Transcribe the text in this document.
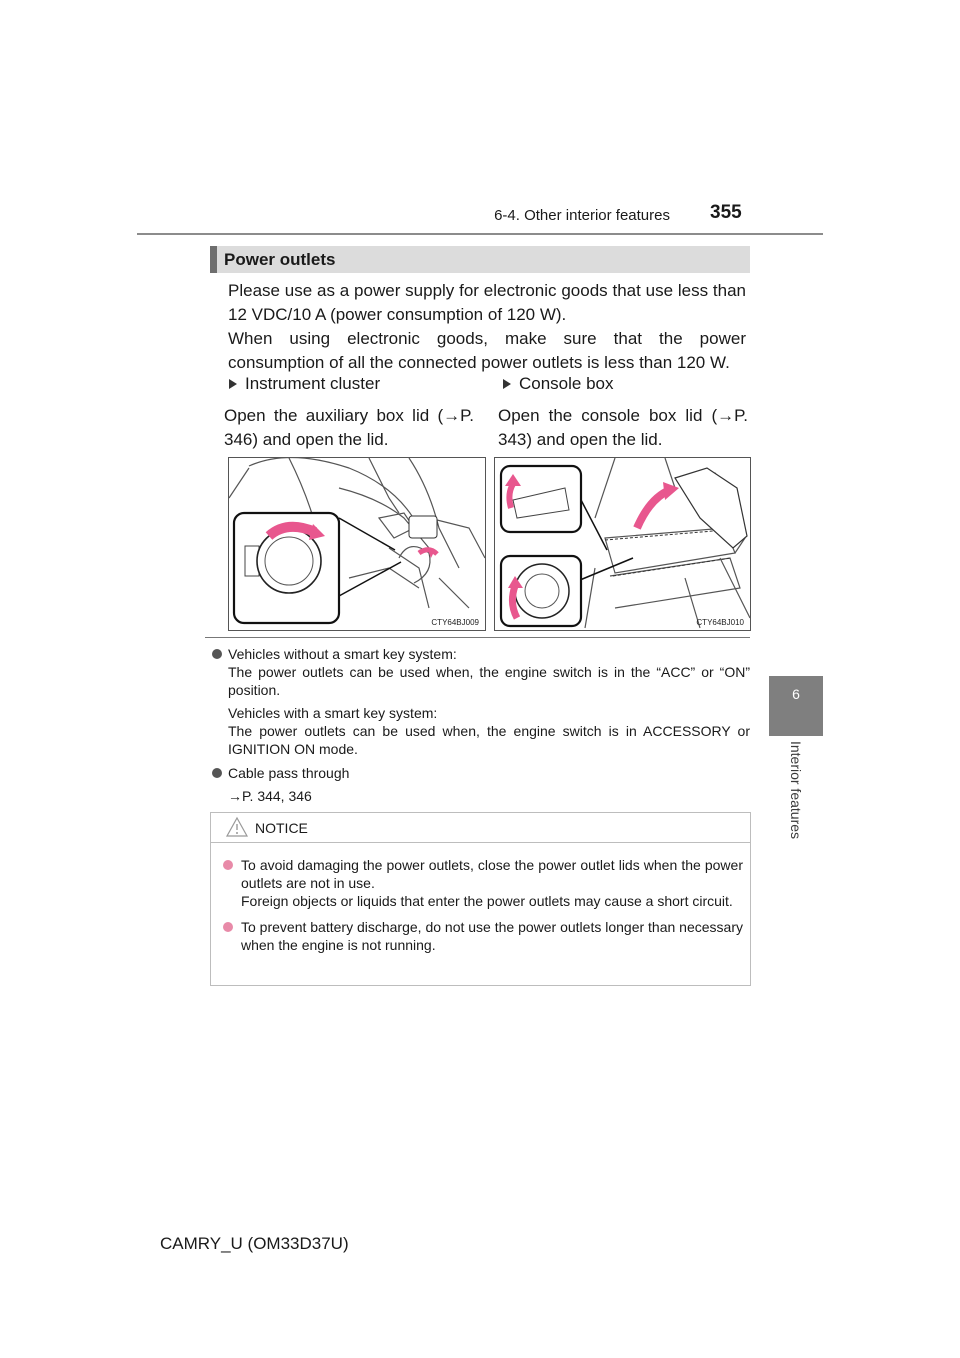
6-4. Other interior features 355
6
Interior features
Power outlets

Please use as a power supply for electronic goods that use less than 12 VDC/10 A (power consumption of 120 W).

When using electronic goods, make sure that the power consumption of all the connected power outlets is less than 120 W.

Instrument cluster
Open the auxiliary box lid (→P. 346) and open the lid.
Console box
Open the console box lid (→P. 343) and open the lid.
CTY64BJ009	CTY64BJ010

Vehicles without a smart key system:
The power outlets can be used when, the engine switch is in the “ACC” or “ON” position.

Vehicles with a smart key system:
The power outlets can be used when, the engine switch is in ACCESSORY or IGNITION ON mode.

Cable pass through

→P. 344, 346

NOTICE

To avoid damaging the power outlets, close the power outlet lids when the power outlets are not in use.
Foreign objects or liquids that enter the power outlets may cause a short circuit.

To prevent battery discharge, do not use the power outlets longer than necessary when the engine is not running.

CAMRY_U (OM33D37U)
